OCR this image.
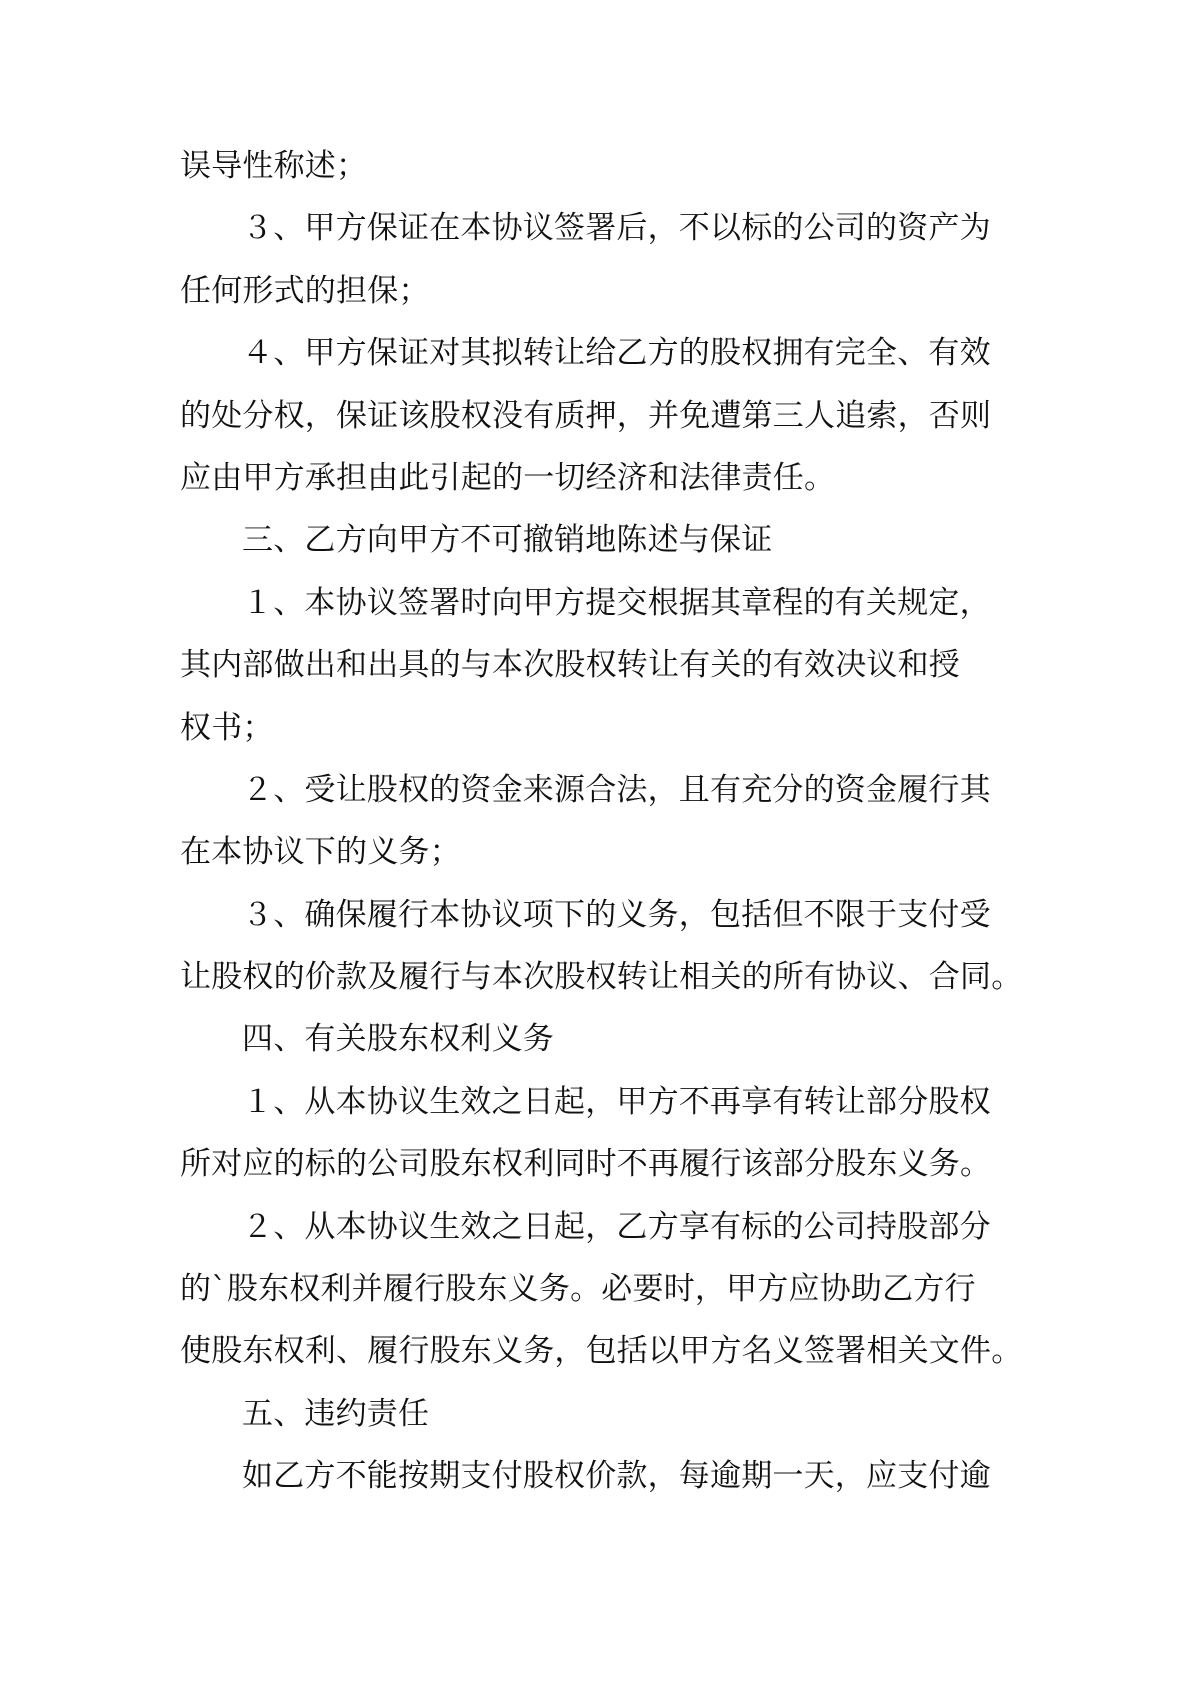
误导性称述；
３、甲方保证在本协议签署后，不以标的公司的资产为
任何形式的担保；
４、甲方保证对其拟转让给乙方的股权拥有完全、有效
的处分权，保证该股权没有质押，并免遭第三人追索，否则
应由甲方承担由此引起的一切经济和法律责任。
三、乙方向甲方不可撤销地陈述与保证
１、本协议签署时向甲方提交根据其章程的有关规定，
其内部做出和出具的与本次股权转让有关的有效决议和授
权书；
２、受让股权的资金来源合法，且有充分的资金履行其
在本协议下的义务；
３、确保履行本协议项下的义务，包括但不限于支付受
让股权的价款及履行与本次股权转让相关的所有协议、合同。
四、有关股东权利义务
１、从本协议生效之日起，甲方不再享有转让部分股权
所对应的标的公司股东权利同时不再履行该部分股东义务。
２、从本协议生效之日起，乙方享有标的公司持股部分
的`股东权利并履行股东义务。必要时，甲方应协助乙方行
使股东权利、履行股东义务，包括以甲方名义签署相关文件。
五、违约责任
如乙方不能按期支付股权价款，每逾期一天，应支付逾
